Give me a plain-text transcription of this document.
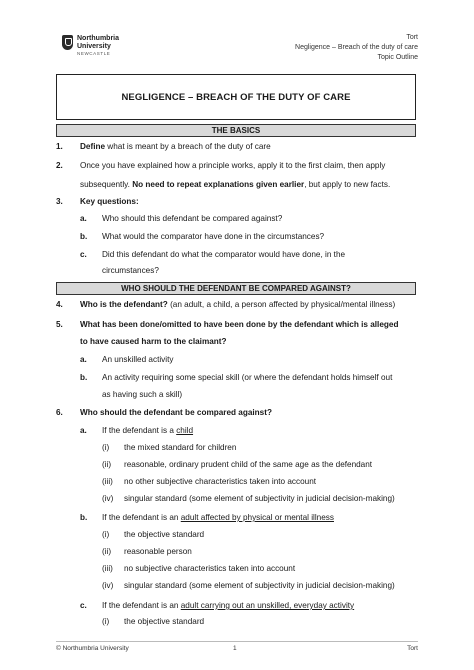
Northumbria
University
NEWCASTLE
Tort
Negligence – Breach of the duty of care
Topic Outline
NEGLIGENCE – BREACH OF THE DUTY OF CARE
THE BASICS
1. Define what is meant by a breach of the duty of care
2. Once you have explained how a principle works, apply it to the first claim, then apply
subsequently. No need to repeat explanations given earlier, but apply to new facts.
3. Key questions:
a. Who should this defendant be compared against?
b. What would the comparator have done in the circumstances?
c. Did this defendant do what the comparator would have done, in the
circumstances?
WHO SHOULD THE DEFENDANT BE COMPARED AGAINST?
4. Who is the defendant? (an adult, a child, a person affected by physical/mental illness)
5. What has been done/omitted to have been done by the defendant which is alleged
to have caused harm to the claimant?
a. An unskilled activity
b. An activity requiring some special skill (or where the defendant holds himself out
as having such a skill)
6. Who should the defendant be compared against?
a. If the defendant is a child
(i) the mixed standard for children
(ii) reasonable, ordinary prudent child of the same age as the defendant
(iii) no other subjective characteristics taken into account
(iv) singular standard (some element of subjectivity in judicial decision-making)
b. If the defendant is an adult affected by physical or mental illness
(i) the objective standard
(ii) reasonable person
(iii) no subjective characteristics taken into account
(iv) singular standard (some element of subjectivity in judicial decision-making)
c. If the defendant is an adult carrying out an unskilled, everyday activity
(i) the objective standard
© Northumbria University	1	Tort
